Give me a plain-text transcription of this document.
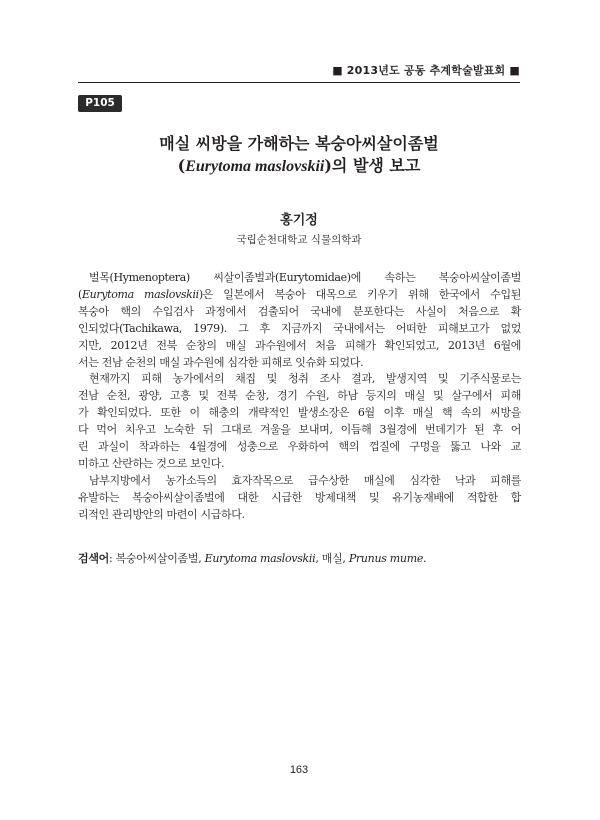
■ 2013년도 공동 추계학술발표회 ■
P105
매실 씨방을 가해하는 복숭아씨살이좀벌
(Eurytoma maslovskii)의 발생 보고
홍기정
국립순천대학교 식물의학과

벌목(Hymenoptera) 씨살이좀벌과(Eurytomidae)에 속하는 복숭아씨살이좀벌
(Eurytoma maslovskii)은 일본에서 복숭아 대목으로 키우기 위해 한국에서 수입된
복숭아 핵의 수입검사 과정에서 검출되어 국내에 분포한다는 사실이 처음으로 확
인되었다(Tachikawa, 1979). 그 후 지금까지 국내에서는 어떠한 피해보고가 없었
지만, 2012년 전북 순창의 매실 과수원에서 처음 피해가 확인되었고, 2013년 6월에
서는 전남 순천의 매실 과수원에 심각한 피해로 잇슈화 되었다.

현재까지 피해 농가에서의 채집 및 청취 조사 결과, 발생지역 및 기주식물로는
전남 순천, 광양, 고흥 및 전북 순창, 경기 수원, 하남 등지의 매실 및 살구에서 피해
가 확인되었다. 또한 이 해충의 개략적인 발생소장은 6월 이후 매실 핵 속의 씨방을
다 먹어 치우고 노숙한 뒤 그대로 겨울을 보내며, 이듬해 3월경에 번데기가 된 후 어
린 과실이 착과하는 4월경에 성충으로 우화하여 핵의 껍질에 구멍을 뚫고 나와 교
미하고 산란하는 것으로 보인다.

남부지방에서 농가소득의 효자작목으로 급수상한 매실에 심각한 낙과 피해를
유발하는 복숭아씨살이좀벌에 대한 시급한 방제대책 및 유기농재배에 적합한 합
리적인 관리방안의 마련이 시급하다.

검색어: 복숭아씨살이좀벌, Eurytoma maslovskii, 매실, Prunus mume.
163
